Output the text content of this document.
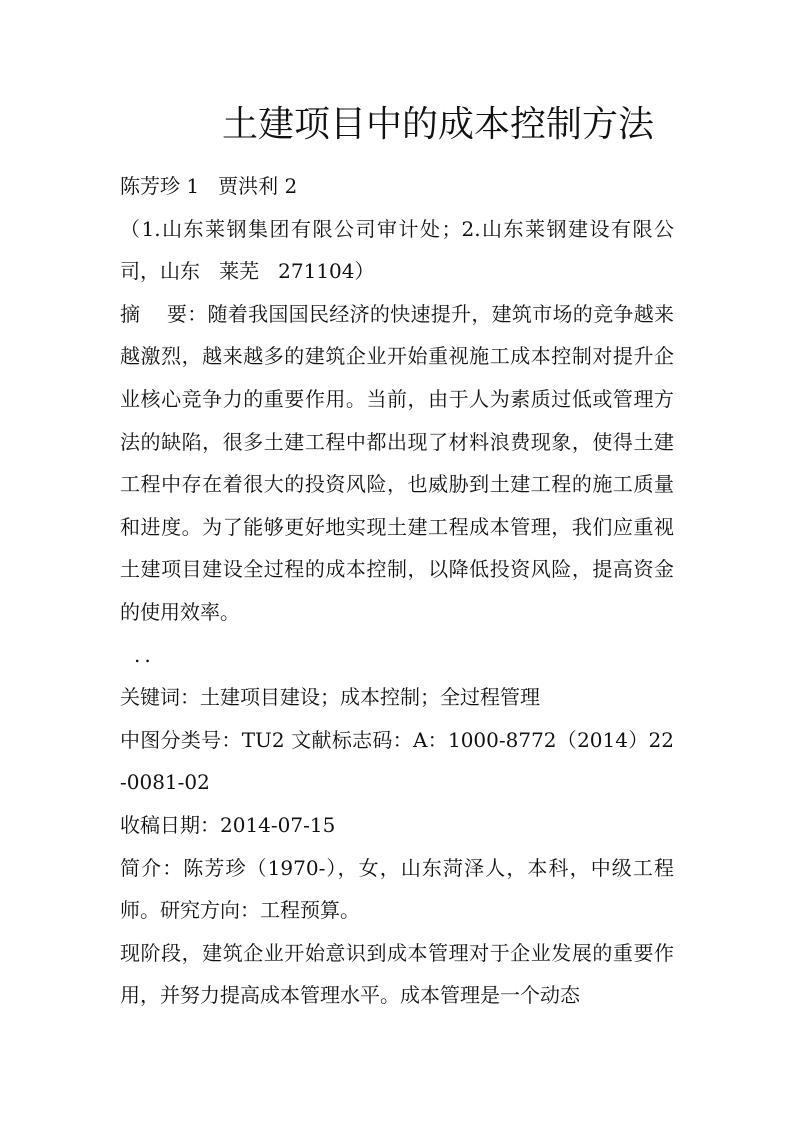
土建项目中的成本控制方法

陈芳珍 1   贾洪利 2

（1.山东莱钢集团有限公司审计处；2.山东莱钢建设有限公司，山东   莱芜   271104）

摘    要：随着我国国民经济的快速提升，建筑市场的竞争越来越激烈，越来越多的建筑企业开始重视施工成本控制对提升企业核心竞争力的重要作用。当前，由于人为素质过低或管理方法的缺陷，很多土建工程中都出现了材料浪费现象，使得土建工程中存在着很大的投资风险，也威胁到土建工程的施工质量和进度。为了能够更好地实现土建工程成本管理，我们应重视土建项目建设全过程的成本控制，以降低投资风险，提高资金的使用效率。

..

关键词：土建项目建设；成本控制；全过程管理

中图分类号：TU2 文献标志码：A：1000-8772（2014）22-0081-02

收稿日期：2014-07-15

简介：陈芳珍（1970-），女，山东菏泽人，本科，中级工程师。研究方向：工程预算。

现阶段，建筑企业开始意识到成本管理对于企业发展的重要作用，并努力提高成本管理水平。成本管理是一个动态
